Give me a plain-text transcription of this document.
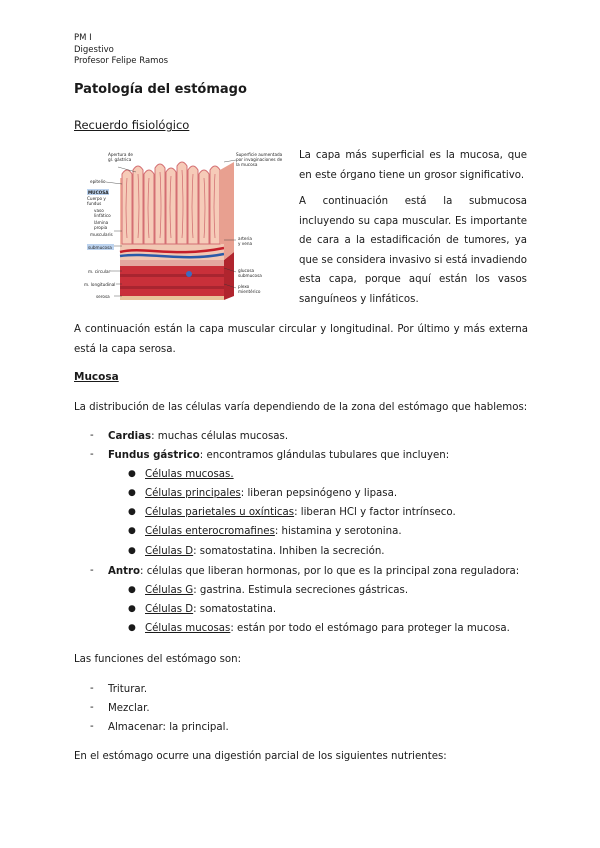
PM I
Digestivo
Profesor Felipe Ramos
Patología del estómago
Recuerdo fisiológico
Apertura de
gl. gástrica
epitelio
MUCOSA
Cuerpo y
fundus
vaso
linfático
lámina
propia
muscularis
submucosa
m. circular
m. longitudinal
serosa
Superficie aumentada
por invaginaciones de
la mucosa
arteria
y vena
glucosa
submucosa
plexo
mientérico

La capa más superficial es la mucosa, que en este órgano tiene un grosor significativo.

A continuación está la submucosa incluyendo su capa muscular. Es importante de cara a la estadificación de tumores, ya que se considera invasivo si está invadiendo esta capa, porque aquí están los vasos sanguíneos y linfáticos.

A continuación están la capa muscular circular y longitudinal. Por último y más externa está la capa serosa.
Mucosa
La distribución de las células varía dependiendo de la zona del estómago que hablemos:
- Cardias: muchas células mucosas.
- Fundus gástrico: encontramos glándulas tubulares que incluyen:
● Células mucosas.
● Células principales: liberan pepsinógeno y lipasa.
● Células parietales u oxínticas: liberan HCl y factor intrínseco.
● Células enterocromafines: histamina y serotonina.
● Células D: somatostatina. Inhiben la secreción.
- Antro: células que liberan hormonas, por lo que es la principal zona reguladora:
● Células G: gastrina. Estimula secreciones gástricas.
● Células D: somatostatina.
● Células mucosas: están por todo el estómago para proteger la mucosa.
Las funciones del estómago son:
- Triturar.
- Mezclar.
- Almacenar: la principal.
En el estómago ocurre una digestión parcial de los siguientes nutrientes:
